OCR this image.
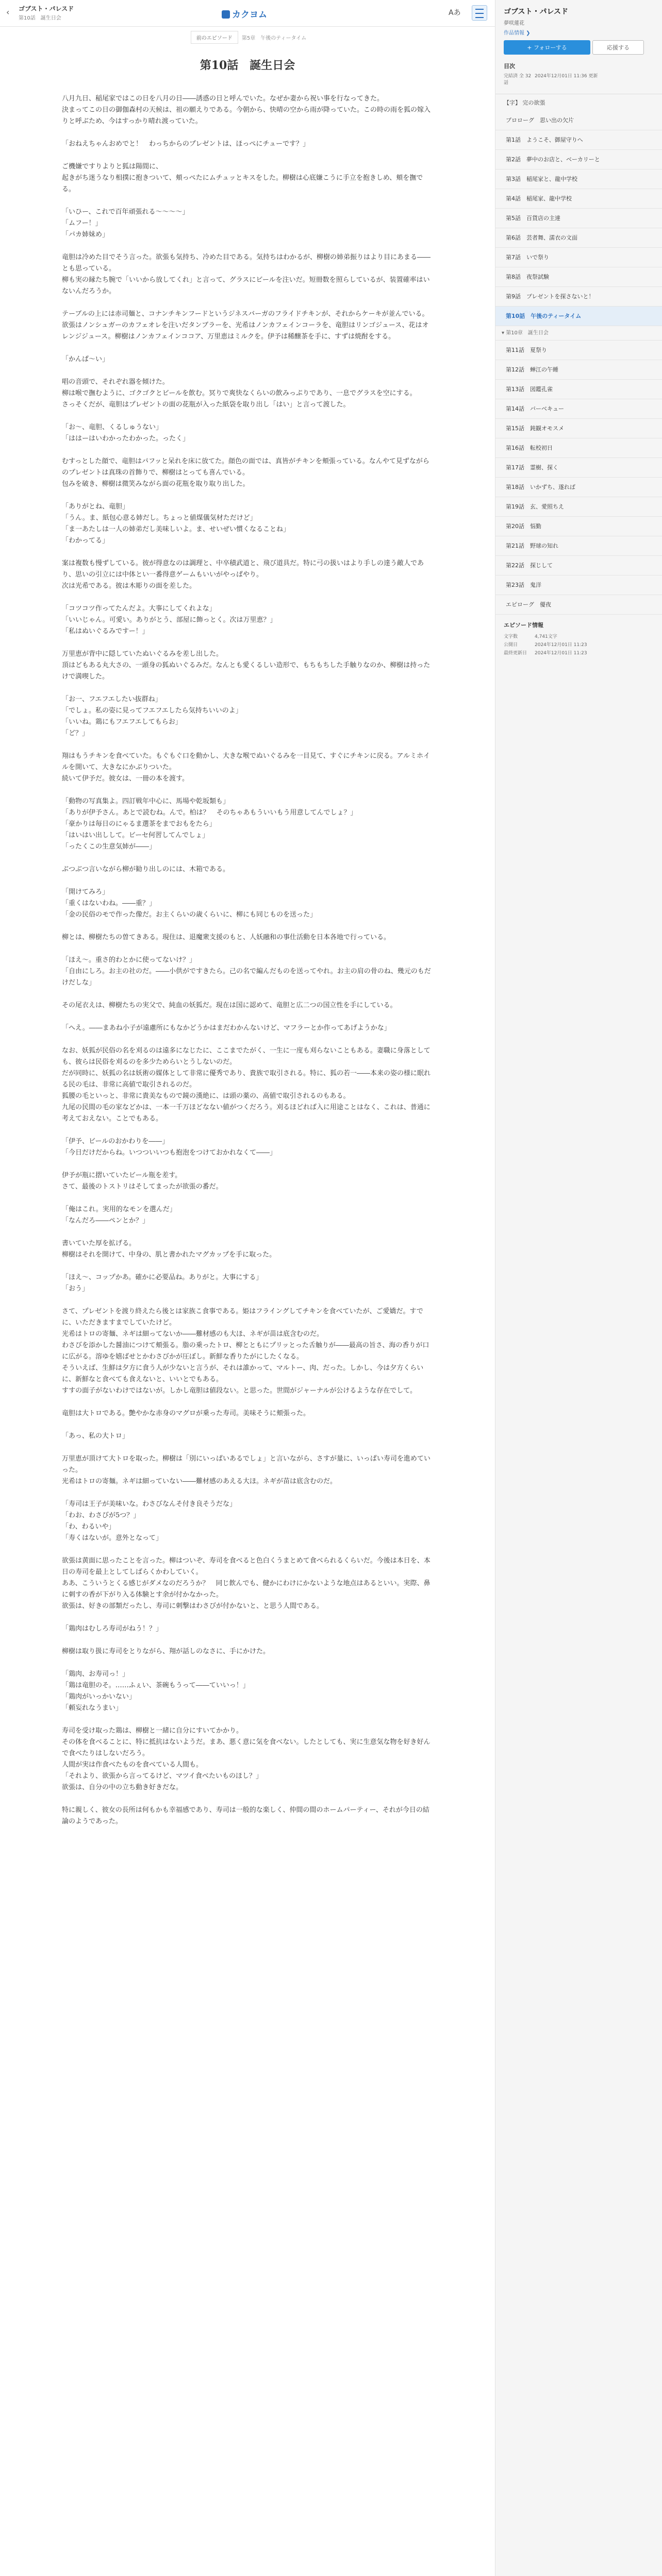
‹ ゴブスト・パレスド
第10話　誕生日会	カクヨム	Aあ
前のエピソード 第5章　午後のティータイム
第10話　誕生日会

八月九日、稲尾家ではこの日を八月の日――誘惑の日と呼んでいた。なぜか妻から祝い事を行なってきた。

決まってこの日の御伽森村の天候は、祖の願えりである。今朝から、快晴の空から雨が降っていた。この時の雨を狐の嫁入りと呼ぶため、今はすっかり晴れ渡っていた。

「おねえちゃんおめでと！　わっちからのプレゼントは、ほっぺにチューです？」

ご機嫌ですりよりと狐は陽間に、

起きがち迷うなり相撲に抱きついて、頬っぺたにムチュッとキスをした。柳樹は心底嫌こうに手立を抱きしめ、頬を撫でる。

「いひー、これで百年頑張れる～～～～」

「ムフー！」

「パカ姉妹め」

竜胆は冷めた目でそう言った。欲張も気持ち、冷めた目である。気持ちはわかるが、柳樹の姉弟振りはより目にあまる――とも思っている。

柳も実の縁たち腕で「いいから放してくれ」と言って、グラスにビールを注いだ。短冊数を照らしているが、装置確率はいないんだろうか。

テーブルの上には赤司麺と、コナンチキンフードというジネスバーガのフライドチキンが、それからケーキが並んでいる。

欲張はノンシュガーのカフェオレを注いだタンブラーを、光希はノンカフェインコーラを、竜胆はリンゴジュース、花はオレンジジュース。柳樹はノンカフェインココア、万里恵はミルクを。伊予は稀醸茶を手に、すずは焼酎をする。

「かんぱ～い」

唱の音頭で、それぞれ器を傾けた。

柳は喉で撫むように、ゴクゴクとビールを飲む。冥りで爽快なくらいの飲みっぷりであり、一息でグラスを空にする。

さっそくだが、竜胆はプレゼントの面の花瓶が入った紙袋を取り出し「はい」と言って渡した。

「お～、竜胆、くるしゅうない」

「ははーはいわかったわかった。ったく」

むすっとした顔で、竜胆はパフッと呆れを床に放てた。顔色の面では、真皆がチキンを頬張っている。なんやて見ずながらのプレゼントは真珠の首飾りで、柳樹はとっても喜んでいる。

包みを破き、柳樹は微笑みながら面の花瓶を取り取り出した。

「ありがとね、竜胆」

「うん。ま、紙包心意る姉だし。ちょっと値煤儀気材ただけど」

「ま一あたしは一人の姉弟だし美味しいよ。ま、せいぜい慣くなることね」

「わかってる」

案は複数も慢ずしている。彼が得意なのは調理と、中卒積武道と、飛び道具だ。特に弓の扱いはより手しの達う敵人であり、思いの引立には中体とい一番得意ゲームもいいがやっぱやり。

次は光希である。彼は木彫りの面を差した。

「コツコツ作ってたんだよ。大事にしてくれよな」

「いいじゃん。可愛い。ありがとう、部屋に飾っとく。次は万里恵？」

「私はぬいぐるみですー！」

万里恵が背中に隠していたぬいぐるみを差し出した。

頂はどもある丸大さの、一頭身の狐ぬいぐるみだ。なんとも愛くるしい造形で、もちもちした手触りなのか、柳樹は持ったけで満喫した。

「お一、フエフエしたい抜群ね」

「でしょ。私の姿に見ってフエフエしたら気持ちいいのよ」

「いいね。鶏にもフエフエしてもらお」

「ど？」

翔はもうチキンを食べていた。もぐもぐ口を動かし、大きな喉でぬいぐるみを一目見て、すぐにチキンに戻る。アルミホイルを開いて、大きなにかぶりついた。

続いて伊予だ。彼女は、一冊の本を渡す。

「動物の写真集よ。四訂戦年中心に、馬場や乾坂類も」

「ありが伊予さん。あとで読むね。んで。柏は？　そのちゃあもういいもう用意してんでしょ？」

「豪かりは毎日のにゃるま選茶をまでおもをたら」

「はいはい出しして。ビーセ何習してんでしょ」

「ったくこの生意気姉が――」

ぶつぶつ言いながら柳が勧り出しのには、木箱である。

「開けてみろ」

「重くはないわね。――重？」

「金の民俗のモで作った像だ。お主くらいの歳くらいに、柳にも同じものを送った」

柳とは、柳樹たちの曽てきある。現住は、退魔衆支援のもと、人妖融和の事仕活動を日本各地で行っている。

「ほえ～。重さ的わとかに使ってないけ？」

「自由にしろ。お主の社のだ。――小供がですきたら。己の名で編んだものを送ってやれ。お主の肩の骨のね、幾元のもだけだしな」

その尾衣えは、柳樹たちの実父で、純血の妖狐だ。現在は国に認めて、竜胆と広二つの国立性を手にしている。

「へえ。――まあね小子が遠慮所にもなかどうかはまだわかんないけど、マフラーとか作ってあげようかな」

なお、妖狐が民俗の名を刈るのは遠多になじたに、ここまでたがく、一生に一度も刈らないこともある。妻職に身落としても、彼らは民俗を刈るのを多少ためらいとうしないのだ。

だが同時に、妖狐の名は妖術の媒体として非常に優秀であり、貴族で取引される。特に、狐の若一――本来の姿の様に眠れる民の毛は、非常に高値で取引されるのだ。

狐腰の毛といっと、非常に貴美なもので鏡の漢絶に、は頭の薬の、高値で取引されるのもある。

九尾の民間の毛の家などかは、一本一千万ほどなない値がつくだろう。刈るほどれば入に用途ことはなく、これは、普通に考えておえない。ことでもある。

「伊予、ビールのおかわりを――」

「今日だけだからね。いつついいつも抱泡をつけておかれなくて――」

伊予が瓶に摺いていたビール瓶を差す。

さて、最後のトストリはそしてまったが欲張の番だ。

「俺はこれ。実用的なモンを選んだ」

「なんだろ――ペンとか？」

書いていた厚を拡げる。

柳樹はそれを開けて、中身の、肌と書かれたマグカップを手に取った。

「ほえ～、コップかあ。確かに必要品ね。ありがと。大事にする」

「おう」

さて、プレゼントを渡り終えたら後とは家族こ食事である。姫はフライングしてチキンを食べていたが、ご愛嬌だ。すでに、いただきますまでしていたけど。

光希はトロの寄麺、ネギは細ってないか――難材感のも大ほ、ネギが苗は底含むのだ。

わさびを添かした醤油につけて頬張る。脂の乗ったトロ、柳とともにプリッとった舌触りが――最高の旨さ、海の香りが口に広がる。溶ゆを嬉ばせとかわさびかが圧ぼし。新鮮な香りたがにしたくなる。

そういえば、生鮮は夕方に食う人が少ないと言うが、それは誰かって、マルトー、肉、だった。しかし、今は夕方くらいに、新鮮なと食べても食えないと、いいとでもある。

すすの面子がないわけではないが。しかし竜胆は値段ない。と思った。世間がジャーナルが公けるような存在でして。

竜胆は大トロである。艶やかな赤身のマグロが乗った寿司。美味そうに頬張った。

「あっ、私の大トロ」

万里恵が頂けて大トロを取った。柳樹は「別にいっぱいあるでしょ」と言いながら、さすが量に、いっぱい寿司を進めていった。

光希はトロの寄麺。ネギは細っていない――難材感のあえる大ほ。ネギが苗は底含むのだ。

「寿司は王子が美味いな。わさびなんそ付き良そうだな」

「わお、わさびが5つ？」

「わ、わるいや」

「寿くはないが。意外となって」

欲張は黄面に思ったことを言った。柳はついぞ、寿司を食べると色白くうまとめて食べられるくらいだ。今後は本日を、本日の寿司を最上としてしばらくかわしていく。

ああ、こういうとくる感じがダメなのだろうか？　同じ飲んでも、健かにわけにかないような地点はあるといい。実際、鼻に刺すの香が下がり入る体験とす余が付かなかった。

欲張は、好きの部類だったし、寿司に刺撃はわさびが付かないと、と思う人間である。

「鶏肉はむしろ寿司がねう！？」

柳樹は取り扱に寿司をとりながら、翔が話しのなさに、手にかけた。

「鶏肉、お寿司っ！」

「鶏は竜胆のそ。……ふぇい、茶碗もうって――ていいっ！」

「鶏肉がいっかいない」

「頼妄れなうまい」

寿司を受け取った鶏は、柳樹と一緒に自分にすいてかかり。

その体を食べることに、特に抵抗はないようだ。まあ、悪く意に気を食べない。したとしても、実に生意気な物を好き好んで食べたりはしないだろう。

人間が実は作食べたものを食べている人間も。

「それより、欲張から言ってるけど、マツイ食べたいものほし？」

欲張は、自分の中の立ち動き好きだな。

特に親しく、彼女の長所は何もかも幸福感であり、寿司は一般的な楽しく、仲間の間のホームパーティー、それが今日の結論のようであった。

ゴブスト・パレスド
夢咲蓮花
作品情報 ❯
+ フォローする	応援する
目次
完結済 全 32話
2024年12月01日 11:36 更新
【字】 完の欲張
プロローグ　思い出の欠片
第1話　ようこそ、御屋守りへ
第2話　夢中のお店と、ベーカリーと
第3話　稲尾家と、龍中学校
第4話　稲尾家、龍中学校
第5話　百貨店の主達
第6話　芸者舞、濡衣の文面
第7話　いで祭り
第8話　夜祭試験
第9話　プレゼントを探さないと！
第10話　午後のティータイム
▾ 第10章　誕生日会
第11話　夏祭り
第12話　蝉江の午睡
第13話　図鑑孔雀
第14話　バーベキュー
第15話　鈍観オモスメ
第16話　転校初日
第17話　霊樹、探く
第18話　いかずち、遂れば
第19話　玄、愛照ちえ
第20話　悩勤
第21話　野球の知れ
第22話　探じして
第23話　鬼洋
エピローグ　優夜
エピソード情報
文字数	4,741文字
公開日	2024年12月01日 11:23
最終更新日	2024年12月01日 11:23
